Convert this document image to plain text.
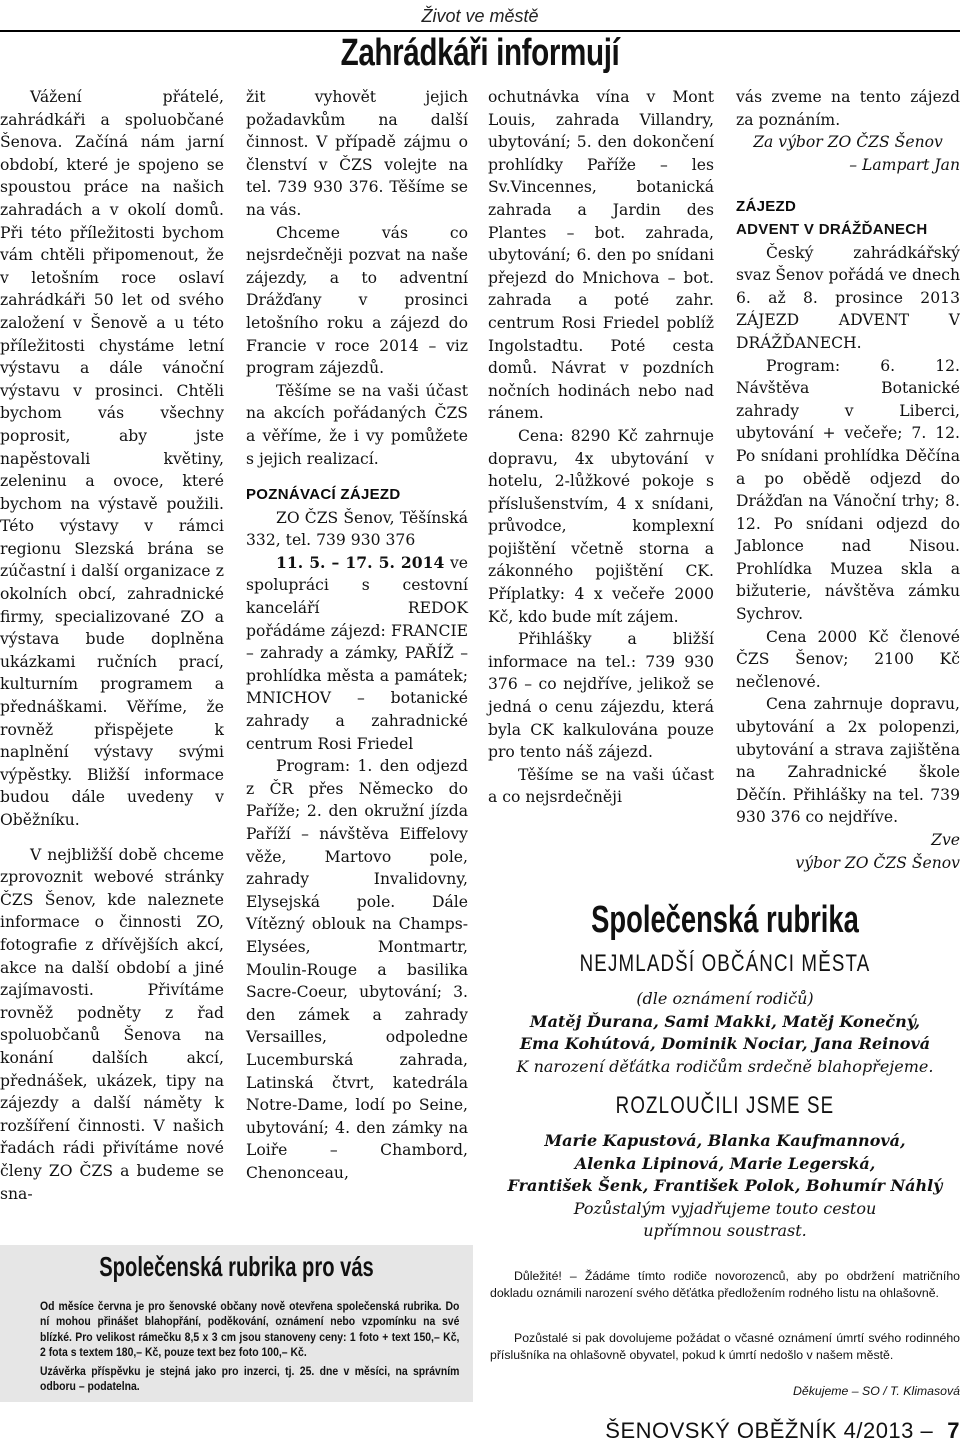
Život ve městě
Zahrádkáři informují

Vážení přátelé, zahrádkáři a spoluobčané Šenova. Začíná nám jarní období, které je spojeno se spoustou práce na našich zahradách a v okolí domů. Při této příležitosti bychom vám chtěli připomenout, že v letošním roce oslaví zahrádkáři 50 let od svého založení v Šenově a u této příležitosti chystáme letní výstavu a dále vánoční výstavu v prosinci. Chtěli bychom vás všechny poprosit, aby jste napěstovali květiny, zeleninu a ovoce, které bychom na výstavě použili. Této výstavy v rámci regionu Slezská brána se zúčastní i další organizace z okolních obcí, zahradnické firmy, specializované ZO a výstava bude doplněna ukázkami ručních prací, kulturním programem a přednáškami. Věříme, že rovněž přispějete k naplnění výstavy svými výpěstky. Bližší informace budou dále uvedeny v Oběžníku.

V nejbližší době chceme zprovoznit webové stránky ČZS Šenov, kde naleznete informace o činnosti ZO, fotografie z dřívějších akcí, akce na další období a jiné zajímavosti. Přivítáme rovněž podněty z řad spoluobčanů Šenova na konání dalších akcí, přednášek, ukázek, tipy na zájezdy a další náměty k rozšíření činnosti. V našich řadách rádi přivítáme nové členy ZO ČZS a budeme se sna-

žit vyhovět jejich požadavkům na další činnost. V případě zájmu o členství v ČZS volejte na tel. 739 930 376. Těšíme se na vás.

Chceme vás co nejsrdečněji pozvat na naše zájezdy, a to adventní Drážďany v prosinci letošního roku a zájezd do Francie v roce 2014 – viz program zájezdů.

Těšíme se na vaši účast na akcích pořádaných ČZS a věříme, že i vy pomůžete s jejich realizací.

POZNÁVACÍ ZÁJEZD

ZO ČZS Šenov, Těšínská 332, tel. 739 930 376

11. 5. – 17. 5. 2014 ve spolupráci s cestovní kanceláří REDOK pořádáme zájezd: FRANCIE – zahrady a zámky, PAŘÍŽ – prohlídka města a památek; MNICHOV – botanické zahrady a zahradnické centrum Rosi Friedel

Program: 1. den odjezd z ČR přes Německo do Paříže; 2. den okružní jízda Paříží – návštěva Eiffelovy věže, Martovo pole, zahrady Invalidovny, Elysejská pole. Dále Vítězný oblouk na Champs-Elysées, Montmartr, Moulin-Rouge a basilika Sacre-Coeur, ubytování; 3. den zámek a zahrady Versailles, odpoledne Lucemburská zahrada, Latinská čtvrt, katedrála Notre-Dame, lodí po Seine, ubytování; 4. den zámky na Loiře – Chambord, Chenonceau,

ochutnávka vína v Mont Louis, zahrada Villandry, ubytování; 5. den dokončení prohlídky Paříže – les Sv.Vincennes, botanická zahrada a Jardin des Plantes – bot. zahrada, ubytování; 6. den po snídani přejezd do Mnichova – bot. zahrada a poté zahr. centrum Rosi Friedel poblíž Ingolstadtu. Poté cesta domů. Návrat v pozdních nočních hodinách nebo nad ránem.

Cena: 8290 Kč zahrnuje dopravu, 4x ubytování v hotelu, 2-lůžkové pokoje s příslušenstvím, 4 x snídani, průvodce, komplexní pojištění včetně storna a zákonného pojištění CK. Příplatky: 4 x večeře 2000 Kč, kdo bude mít zájem.

Přihlášky a bližší informace na tel.: 739 930 376 – co nejdříve, jelikož se jedná o cenu zájezdu, která byla CK kalkulována pouze pro tento náš zájezd.

Těšíme se na vaši účast a co nejsrdečněji

vás zveme na tento zájezd za poznáním.

Za výbor ZO ČZS Šenov

– Lampart Jan

ZÁJEZD
ADVENT V DRÁŽĎANECH

Český zahrádkářský svaz Šenov pořádá ve dnech 6. až 8. prosince 2013 ZÁJEZD ADVENT V DRÁŽĎANECH.

Program: 6. 12. Návštěva Botanické zahrady v Liberci, ubytování + večeře; 7. 12. Po snídani prohlídka Děčína a po obědě odjezd do Drážďan na Vánoční trhy; 8. 12. Po snídani odjezd do Jablonce nad Nisou. Prohlídka Muzea skla a bižuterie, návštěva zámku Sychrov.

Cena 2000 Kč členové ČZS Šenov; 2100 Kč nečlenové.

Cena zahrnuje dopravu, ubytování a 2x polopenzi, ubytování a strava zajištěna na Zahradnické škole Děčín. Přihlášky na tel. 739 930 376 co nejdříve.

Zve

výbor ZO ČZS Šenov

Společenská rubrika
NEJMLADŠÍ OBČÁNCI MĚSTA
(dle oznámení rodičů)
Matěj Ďurana, Sami Makki, Matěj Konečný,
Ema Kohútová, Dominik Nociar, Jana Reinová
K narození děťátka rodičům srdečně blahopřejeme.
ROZLOUČILI JSME SE
Marie Kapustová, Blanka Kaufmannová,
Alenka Lipinová, Marie Legerská,
František Šenk, František Polok, Bohumír Náhlý
Pozůstalým vyjadřujeme touto cestou
upřímnou soustrast.
Důležité! – Žádáme tímto rodiče novorozenců, aby po obdržení matričního dokladu oznámili narození svého děťátka předložením rodného listu na ohlašovně.
Pozůstalé si pak dovolujeme požádat o včasné oznámení úmrtí svého rodinného příslušníka na ohlašovně obyvatel, pokud k úmrtí nedošlo v našem městě.
Děkujeme – SO / T. Klimasová
Společenská rubrika pro vás

Od měsíce června je pro šenovské občany nově otevřena společenská rubrika. Do ní mohou přinášet blahopřání, poděkování, oznámení nebo vzpomínku na své blízké. Pro velikost rámečku 8,5 x 3 cm jsou stanoveny ceny: 1 foto + text 150,– Kč, 2 fota s textem 180,– Kč, pouze text bez foto 100,– Kč.

Uzávěrka příspěvku je stejná jako pro inzerci, tj. 25. dne v měsíci, na správním odboru – podatelna.

ŠENOVSKÝ OBĚŽNÍK 4/2013 – 7
